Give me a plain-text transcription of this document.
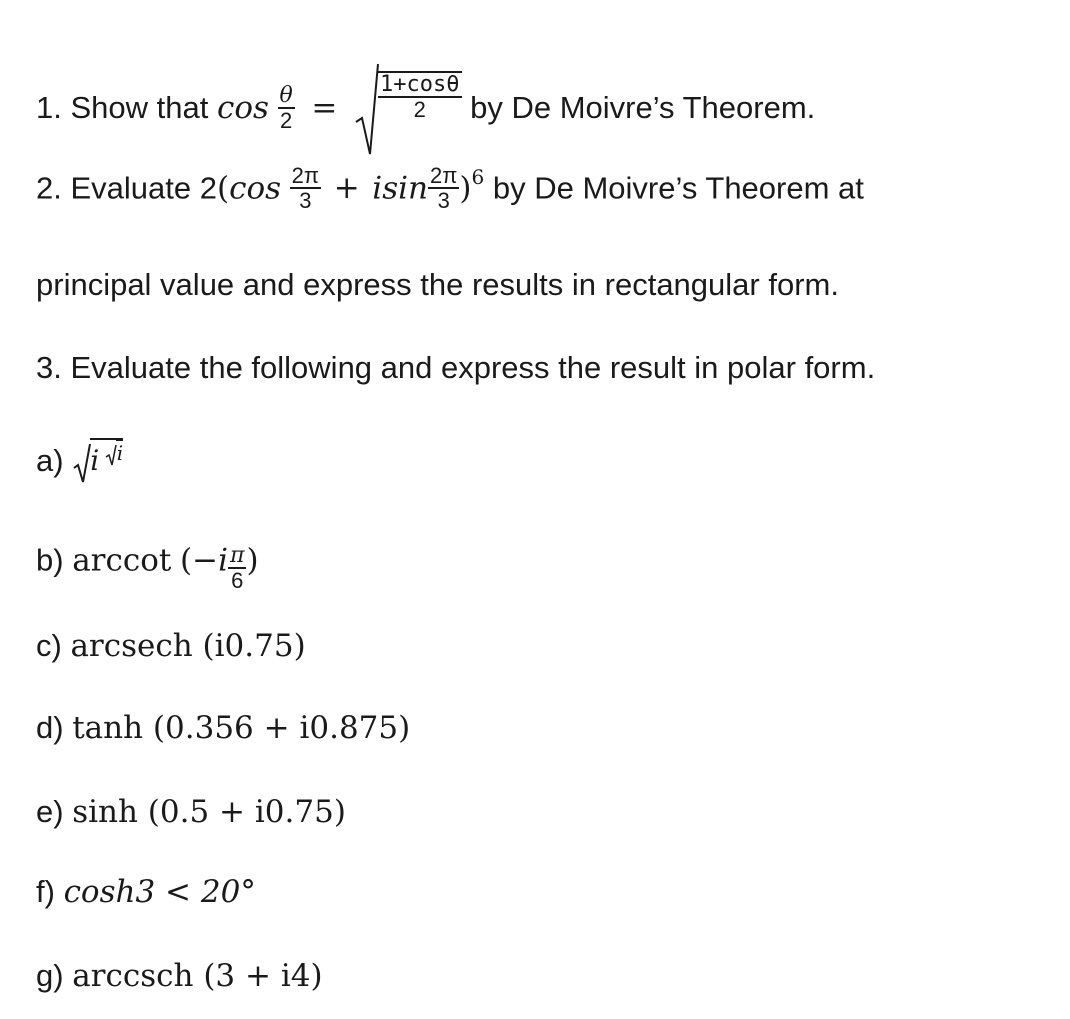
1. Show that $\cos \frac{\theta}{2} = \frac{1+\cos\theta}{2}$ by De Moivre’s Theorem.
2. Evaluate $2(\cos \frac{2\pi}{3} + isin \frac{2\pi}{3} )^6$ by De Moivre’s Theorem at
principal value and express the results in rectangular form.
3. Evaluate the following and express the result in polar form.
a) i $^i$
b) arccot ($-i \frac{\pi}{6}$ )
c) arcsech (i0.75)
d) tanh (0.356 + i0.875)
e) sinh (0.5 + i0.75)
f) cosh3 < 20°
g) arccsch (3 + i4)
